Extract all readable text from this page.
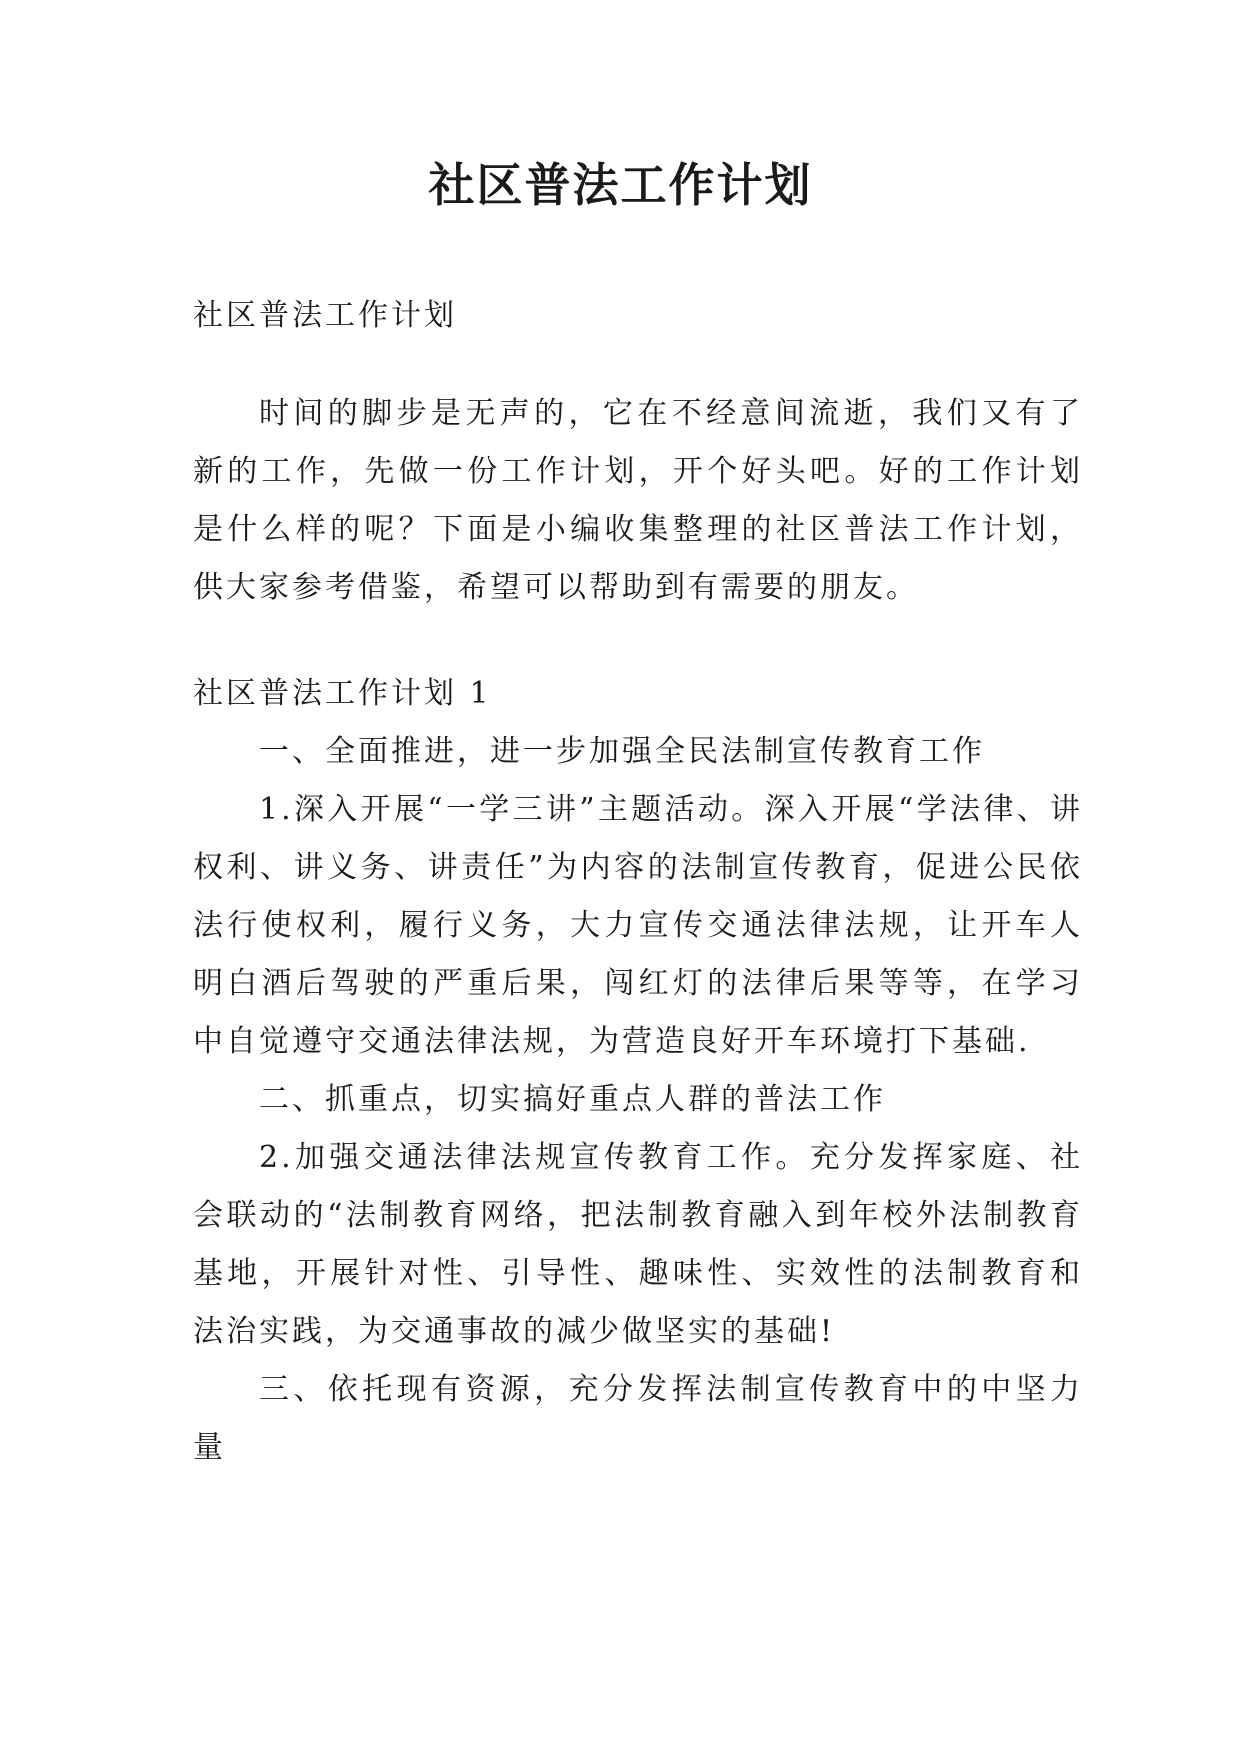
社区普法工作计划

社区普法工作计划

时间的脚步是无声的，它在不经意间流逝，我们又有了新的工作，先做一份工作计划，开个好头吧。好的工作计划是什么样的呢？下面是小编收集整理的社区普法工作计划，供大家参考借鉴，希望可以帮助到有需要的朋友。

社区普法工作计划 1

一、全面推进，进一步加强全民法制宣传教育工作

1.深入开展“一学三讲”主题活动。深入开展“学法律、讲权利、讲义务、讲责任”为内容的法制宣传教育，促进公民依法行使权利，履行义务，大力宣传交通法律法规，让开车人明白酒后驾驶的严重后果，闯红灯的法律后果等等，在学习中自觉遵守交通法律法规，为营造良好开车环境打下基础.

二、抓重点，切实搞好重点人群的普法工作

2.加强交通法律法规宣传教育工作。充分发挥家庭、社会联动的“法制教育网络，把法制教育融入到年校外法制教育基地，开展针对性、引导性、趣味性、实效性的法制教育和法治实践，为交通事故的减少做坚实的基础!

三、依托现有资源，充分发挥法制宣传教育中的中坚力量
